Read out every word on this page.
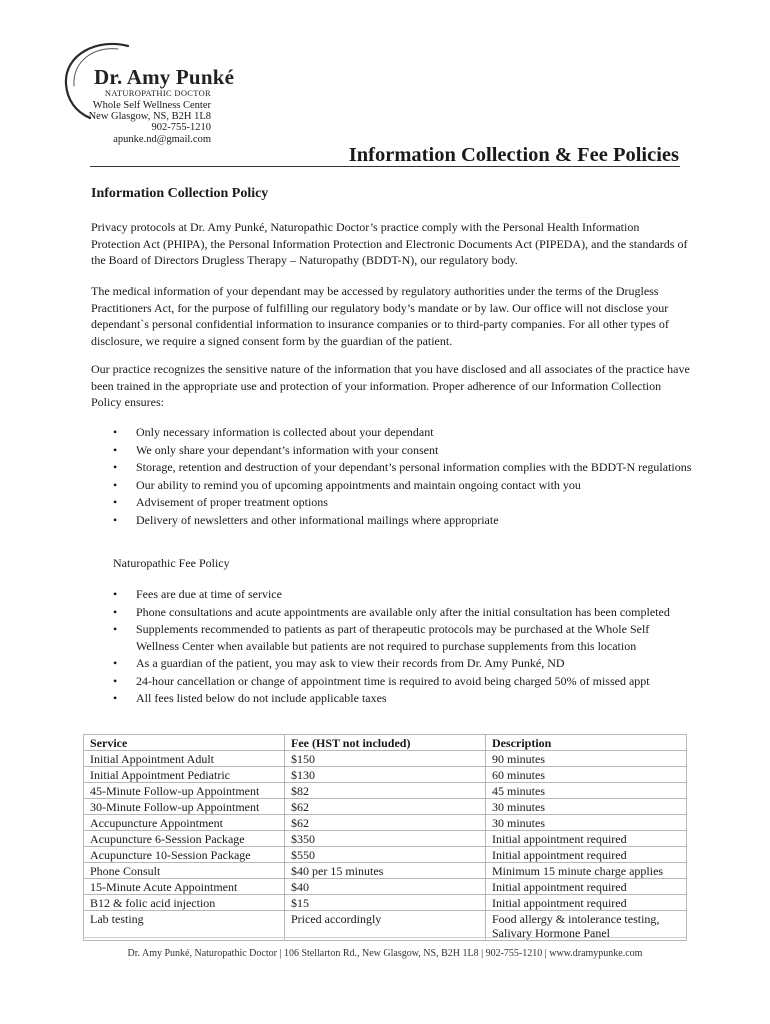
Dr. Amy Punké
NATUROPATHIC DOCTOR
Whole Self Wellness Center
New Glasgow, NS, B2H 1L8
902-755-1210
apunke.nd@gmail.com
Information Collection & Fee Policies
Information Collection Policy
Privacy protocols at Dr. Amy Punké, Naturopathic Doctor’s practice comply with the Personal Health Information Protection Act (PHIPA), the Personal Information Protection and Electronic Documents Act (PIPEDA), and the standards of the Board of Directors Drugless Therapy – Naturopathy (BDDT-N), our regulatory body.
The medical information of your dependant may be accessed by regulatory authorities under the terms of the Drugless Practitioners Act, for the purpose of fulfilling our regulatory body’s mandate or by law. Our office will not disclose your dependant`s personal confidential information to insurance companies or to third-party companies. For all other types of disclosure, we require a signed consent form by the guardian of the patient.
Our practice recognizes the sensitive nature of the information that you have disclosed and all associates of the practice have been trained in the appropriate use and protection of your information. Proper adherence of our Information Collection Policy ensures:
• Only necessary information is collected about your dependant
• We only share your dependant’s information with your consent
• Storage, retention and destruction of your dependant’s personal information complies with the BDDT-N regulations
• Our ability to remind you of upcoming appointments and maintain ongoing contact with you
• Advisement of proper treatment options
• Delivery of newsletters and other informational mailings where appropriate
Naturopathic Fee Policy
• Fees are due at time of service
• Phone consultations and acute appointments are available only after the initial consultation has been completed
• Supplements recommended to patients as part of therapeutic protocols may be purchased at the Whole Self Wellness Center when available but patients are not required to purchase supplements from this location
• As a guardian of the patient, you may ask to view their records from Dr. Amy Punké, ND
• 24-hour cancellation or change of appointment time is required to avoid being charged 50% of missed appt
• All fees listed below do not include applicable taxes
Service	Fee (HST not included)	Description
Initial Appointment Adult	$150	90 minutes
Initial Appointment Pediatric	$130	60 minutes
45-Minute Follow-up Appointment	$82	45 minutes
30-Minute Follow-up Appointment	$62	30 minutes
Accupuncture Appointment	$62	30 minutes
Acupuncture 6-Session Package	$350	Initial appointment required
Acupuncture 10-Session Package	$550	Initial appointment required
Phone Consult	$40 per 15 minutes	Minimum 15 minute charge applies
15-Minute Acute Appointment	$40	Initial appointment required
B12 & folic acid injection	$15	Initial appointment required
Lab testing	Priced accordingly	Food allergy & intolerance testing, Salivary Hormone Panel
Dr. Amy Punké, Naturopathic Doctor | 106 Stellarton Rd., New Glasgow, NS, B2H 1L8 | 902-755-1210 | www.dramypunke.com
